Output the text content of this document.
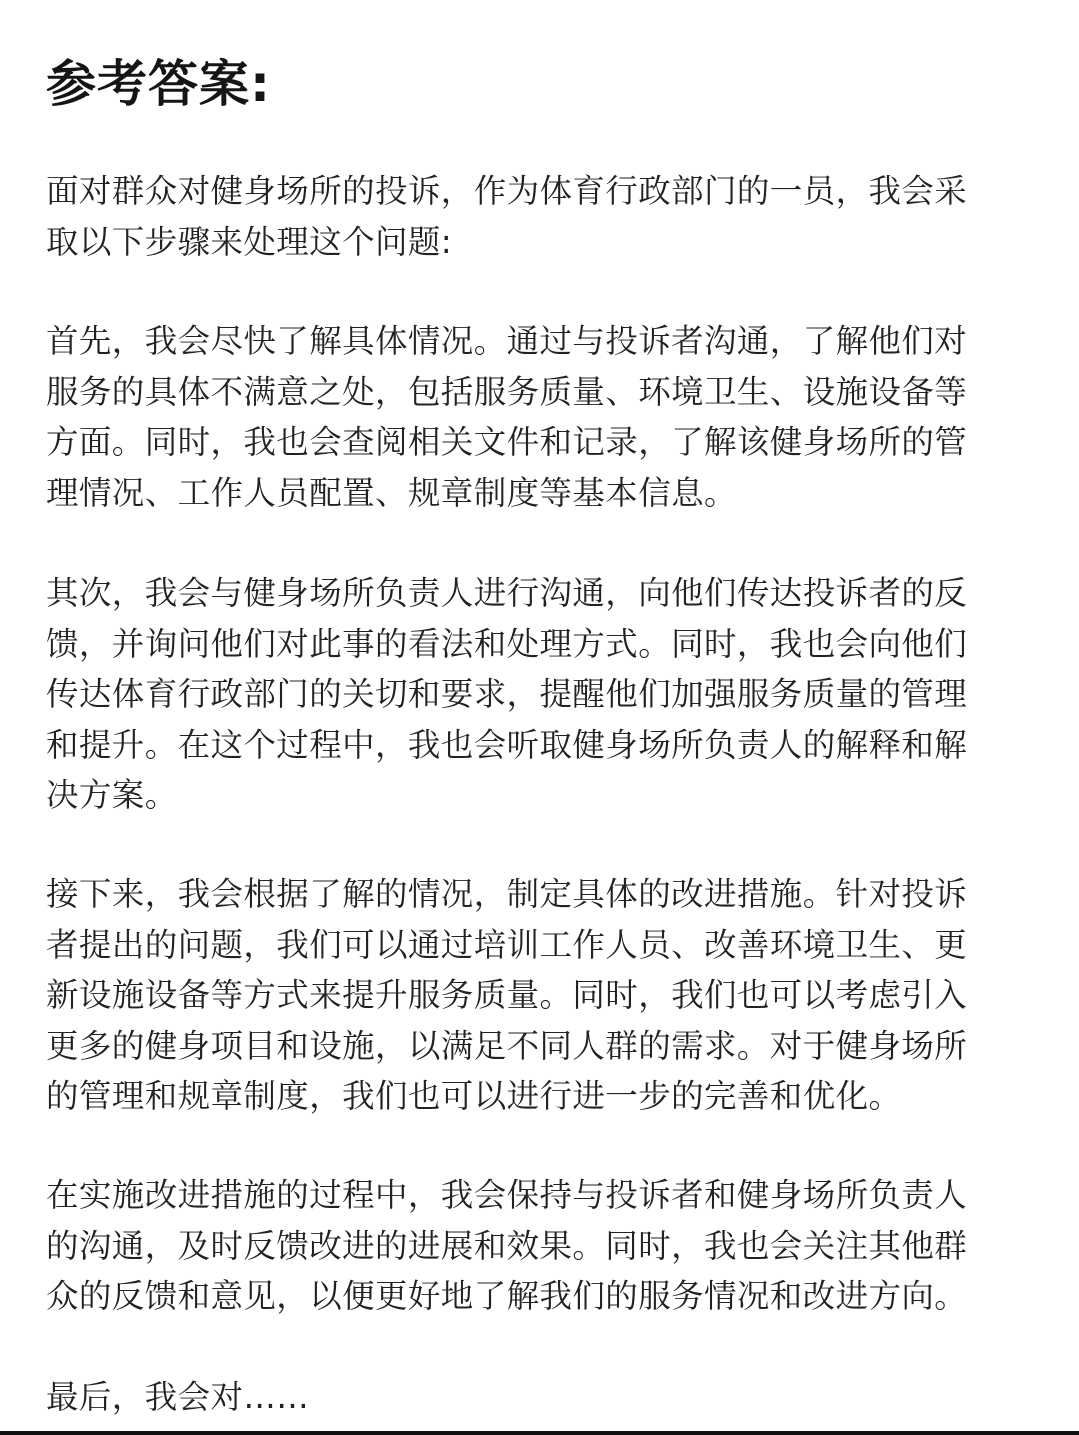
参考答案:

面对群众对健身场所的投诉，作为体育行政部门的一员，我会采
取以下步骤来处理这个问题:

首先，我会尽快了解具体情况。通过与投诉者沟通，了解他们对
服务的具体不满意之处，包括服务质量、环境卫生、设施设备等
方面。同时，我也会查阅相关文件和记录，了解该健身场所的管
理情况、工作人员配置、规章制度等基本信息。

其次，我会与健身场所负责人进行沟通，向他们传达投诉者的反
馈，并询问他们对此事的看法和处理方式。同时，我也会向他们
传达体育行政部门的关切和要求，提醒他们加强服务质量的管理
和提升。在这个过程中，我也会听取健身场所负责人的解释和解
决方案。

接下来，我会根据了解的情况，制定具体的改进措施。针对投诉
者提出的问题，我们可以通过培训工作人员、改善环境卫生、更
新设施设备等方式来提升服务质量。同时，我们也可以考虑引入
更多的健身项目和设施，以满足不同人群的需求。对于健身场所
的管理和规章制度，我们也可以进行进一步的完善和优化。

在实施改进措施的过程中，我会保持与投诉者和健身场所负责人
的沟通，及时反馈改进的进展和效果。同时，我也会关注其他群
众的反馈和意见，以便更好地了解我们的服务情况和改进方向。

最后，我会对……
